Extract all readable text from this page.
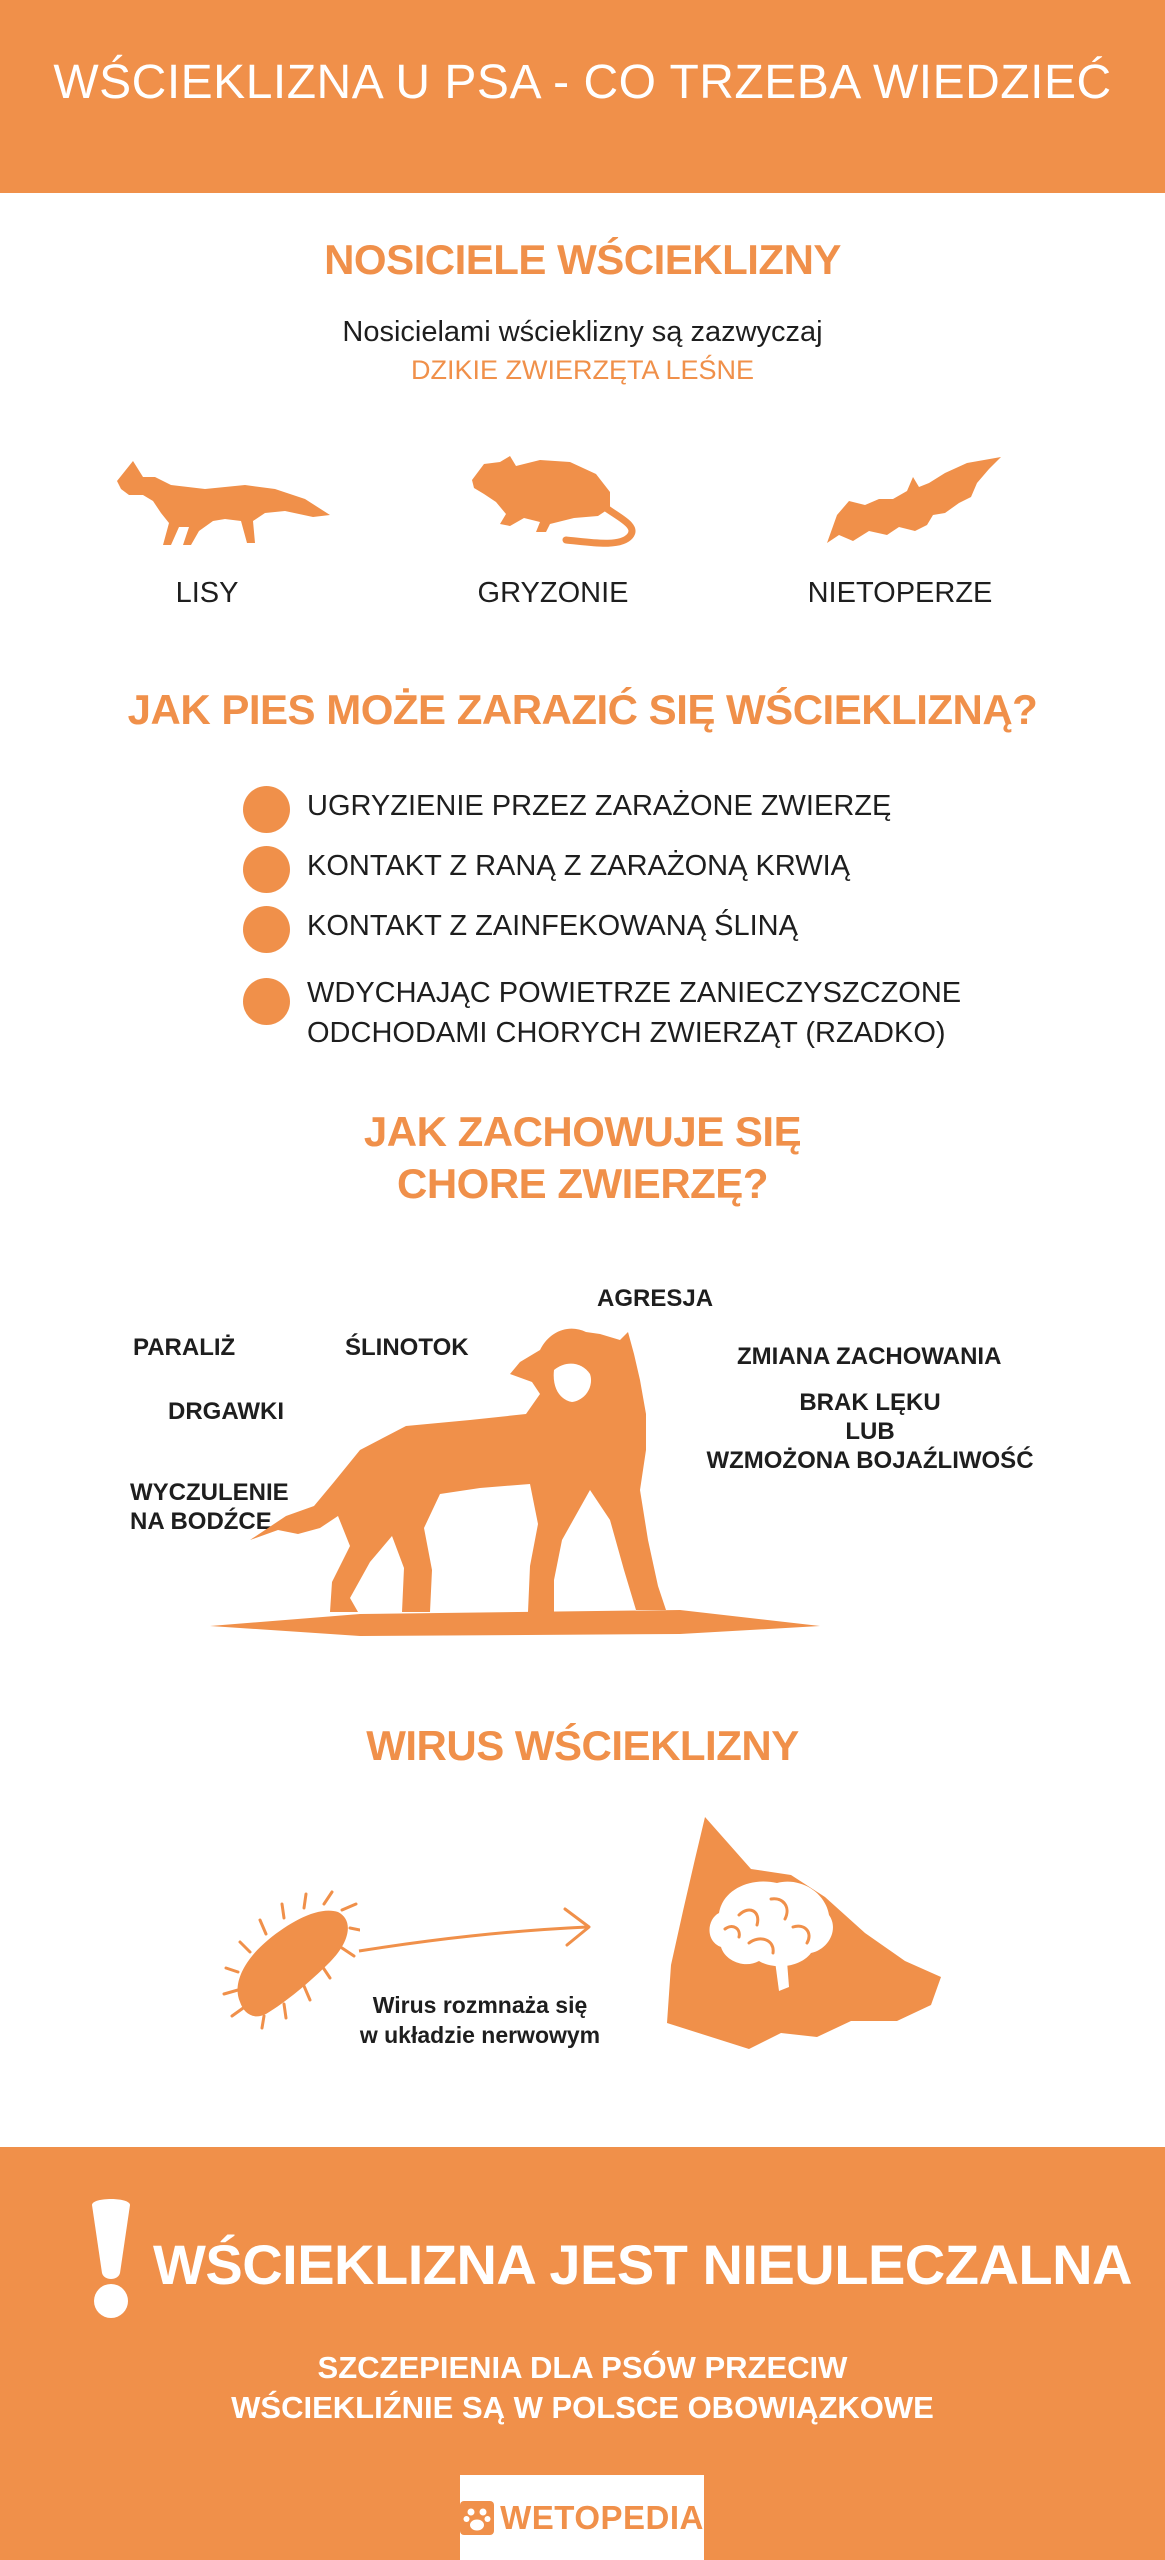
WŚCIEKLIZNA U PSA - CO TRZEBA WIEDZIEĆ
NOSICIELE WŚCIEKLIZNY
Nosicielami wścieklizny są zazwyczaj
DZIKIE ZWIERZĘTA LEŚNE
LISY	GRYZONIE	NIETOPERZE
JAK PIES MOŻE ZARAZIĆ SIĘ WŚCIEKLIZNĄ?
UGRYZIENIE PRZEZ ZARAŻONE ZWIERZĘ
KONTAKT Z RANĄ Z ZARAŻONĄ KRWIĄ
KONTAKT Z ZAINFEKOWANĄ ŚLINĄ
WDYCHAJĄC POWIETRZE ZANIECZYSZCZONE
ODCHODAMI CHORYCH ZWIERZĄT (RZADKO)
JAK ZACHOWUJE SIĘ
CHORE ZWIERZĘ?
AGRESJA
PARALIŻ	ŚLINOTOK	ZMIANA ZACHOWANIA
DRGAWKI	BRAK LĘKU
LUB
WZMOŻONA BOJAŹLIWOŚĆ
WYCZULENIE
NA BODŹCE
WIRUS WŚCIEKLIZNY
Wirus rozmnaża się
w układzie nerwowym
WŚCIEKLIZNA JEST NIEULECZALNA
SZCZEPIENIA DLA PSÓW PRZECIW
WŚCIEKLIŹNIE SĄ W POLSCE OBOWIĄZKOWE
WETOPEDIA
